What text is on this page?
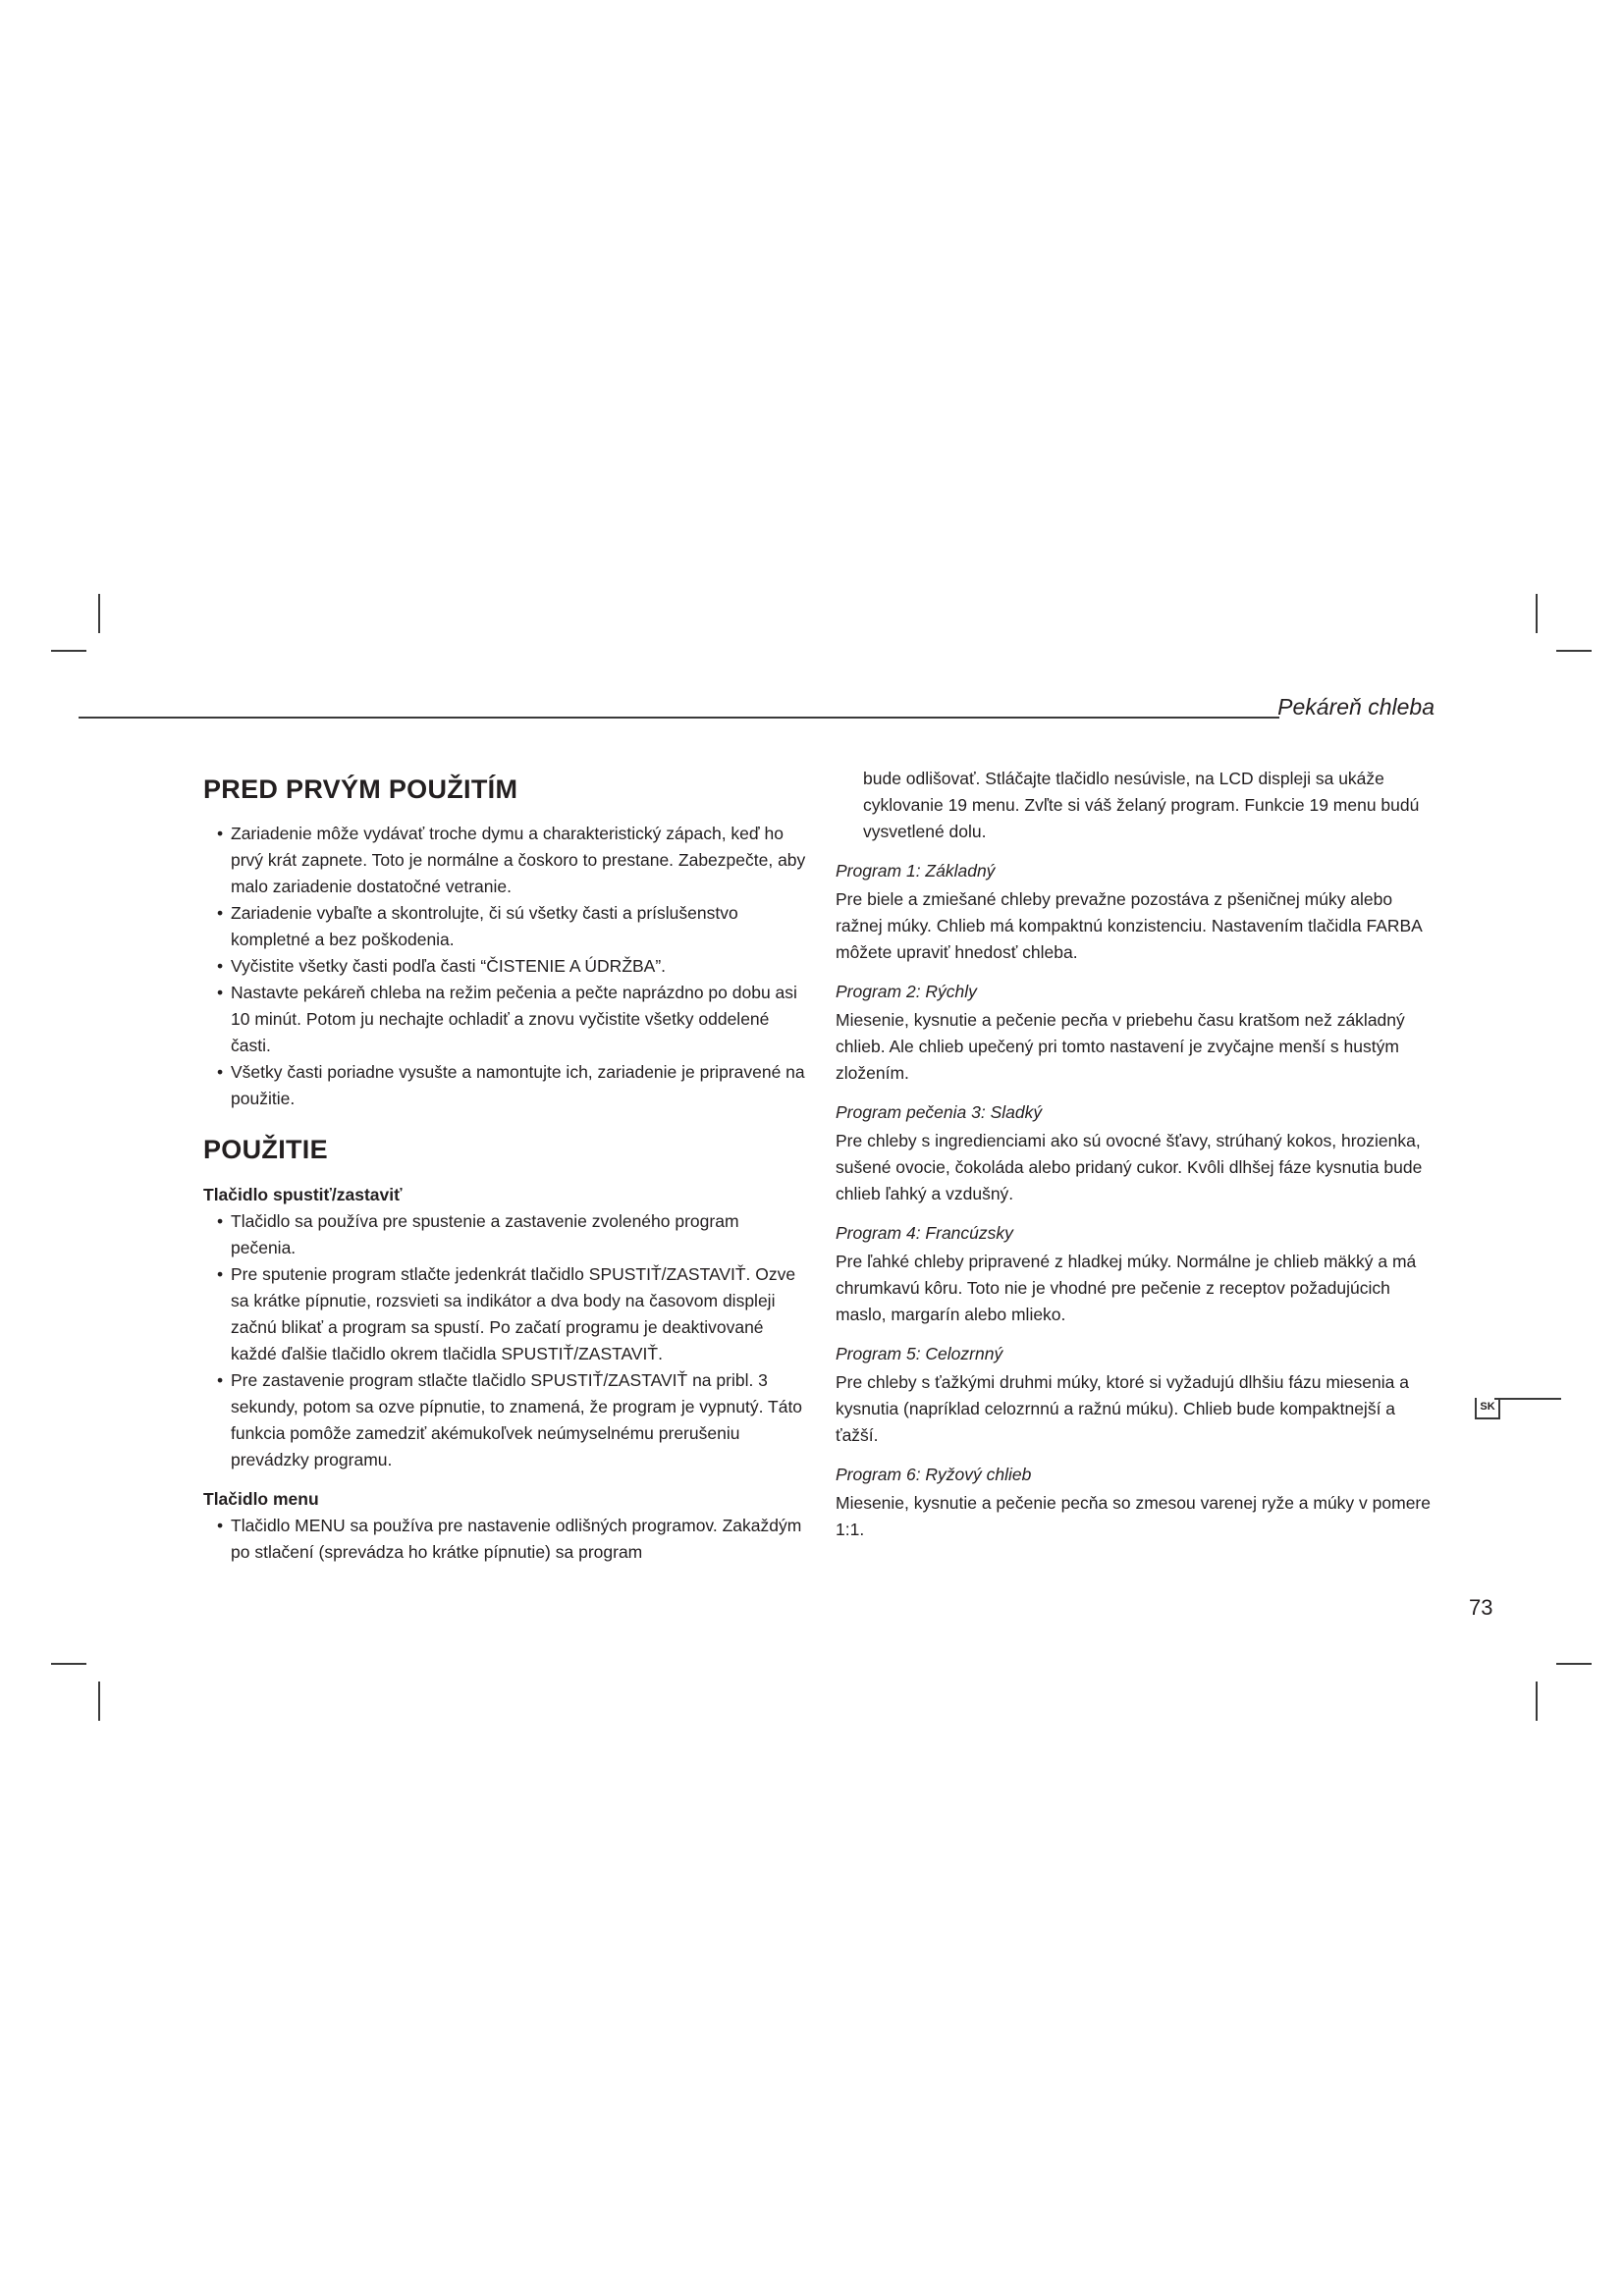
Pekáreň chleba
PRED PRVÝM POUŽITÍM
• Zariadenie môže vydávať troche dymu a charakteristický zápach, keď ho prvý krát zapnete. Toto je normálne a čoskoro to prestane. Zabezpečte, aby malo zariadenie dostatočné vetranie.
• Zariadenie vybaľte a skontrolujte, či sú všetky časti a príslušenstvo kompletné a bez poškodenia.
• Vyčistite všetky časti podľa časti “ČISTENIE A ÚDRŽBA”.
• Nastavte pekáreň chleba na režim pečenia a pečte naprázdno po dobu asi 10 minút. Potom ju nechajte ochladiť a znovu vyčistite všetky oddelené časti.
• Všetky časti poriadne vysušte a namontujte ich, zariadenie je pripravené na použitie.
POUŽITIE
Tlačidlo spustiť/zastaviť
• Tlačidlo sa používa pre spustenie a zastavenie zvoleného program pečenia.
• Pre sputenie program stlačte jedenkrát tlačidlo SPUSTIŤ/ZASTAVIŤ. Ozve sa krátke pípnutie, rozsvieti sa indikátor a dva body na časovom displeji začnú blikať a program sa spustí. Po začatí programu je deaktivované každé ďalšie tlačidlo okrem tlačidla SPUSTIŤ/ZASTAVIŤ.
• Pre zastavenie program stlačte tlačidlo SPUSTIŤ/ZASTAVIŤ na pribl. 3 sekundy, potom sa ozve pípnutie, to znamená, že program je vypnutý. Táto funkcia pomôže zamedziť akémukoľvek neúmyselnému prerušeniu prevádzky programu.
Tlačidlo menu
• Tlačidlo MENU sa používa pre nastavenie odlišných programov. Zakaždým po stlačení (sprevádza ho krátke pípnutie) sa program

bude odlišovať. Stláčajte tlačidlo nesúvisle, na LCD displeji sa ukáže cyklovanie 19 menu. Zvľte si váš želaný program. Funkcie 19 menu budú vysvetlené dolu.

Program 1: Základný

Pre biele a zmiešané chleby prevažne pozostáva z pšeničnej múky alebo ražnej múky. Chlieb má kompaktnú konzistenciu. Nastavením tlačidla FARBA môžete upraviť hnedosť chleba.

Program 2: Rýchly

Miesenie, kysnutie a pečenie pecňa v priebehu času kratšom než základný chlieb. Ale chlieb upečený pri tomto nastavení je zvyčajne menší s hustým zložením.

Program pečenia 3: Sladký

Pre chleby s ingredienciami ako sú ovocné šťavy, strúhaný kokos, hrozienka, sušené ovocie, čokoláda alebo pridaný cukor. Kvôli dlhšej fáze kysnutia bude chlieb ľahký a vzdušný.

Program 4: Francúzsky

Pre ľahké chleby pripravené z hladkej múky. Normálne je chlieb mäkký a má chrumkavú kôru. Toto nie je vhodné pre pečenie z receptov požadujúcich maslo, margarín alebo mlieko.

Program 5: Celozrnný

Pre chleby s ťažkými druhmi múky, ktoré si vyžadujú dlhšiu fázu miesenia a kysnutia (napríklad celozrnnú a ražnú múku). Chlieb bude kompaktnejší a ťažší.

Program 6: Ryžový chlieb

Miesenie, kysnutie a pečenie pecňa so zmesou varenej ryže a múky v pomere 1:1.

SK
73
